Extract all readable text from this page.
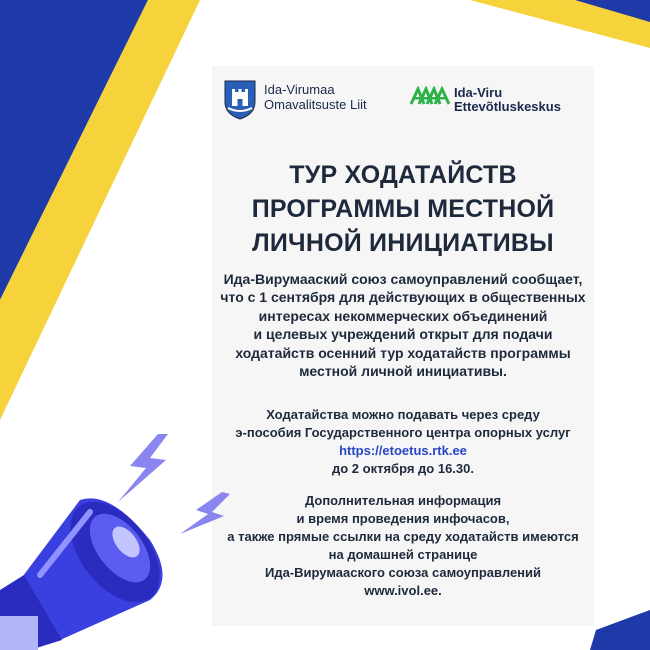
Ida-Virumaa
Omavalitsuste Liit
Ida-Viru
Ettevõtluskeskus
ТУР ХОДАТАЙСТВ
ПРОГРАММЫ МЕСТНОЙ
ЛИЧНОЙ ИНИЦИАТИВЫ
Ида-Вирумааский союз самоуправлений сообщает,
что с 1 сентября для действующих в общественных
интересах некоммерческих объединений
и целевых учреждений открыт для подачи
ходатайств осенний тур ходатайств программы
местной личной инициативы.
Ходатайства можно подавать через среду
э-пособия Государственного центра опорных услуг
https://etoetus.rtk.ee
до 2 октября до 16.30.
Дополнительная информация
и время проведения инфочасов,
а также прямые ссылки на среду ходатайств имеются
на домашней странице
Ида-Вирумааского союза самоуправлений
www.ivol.ee.
